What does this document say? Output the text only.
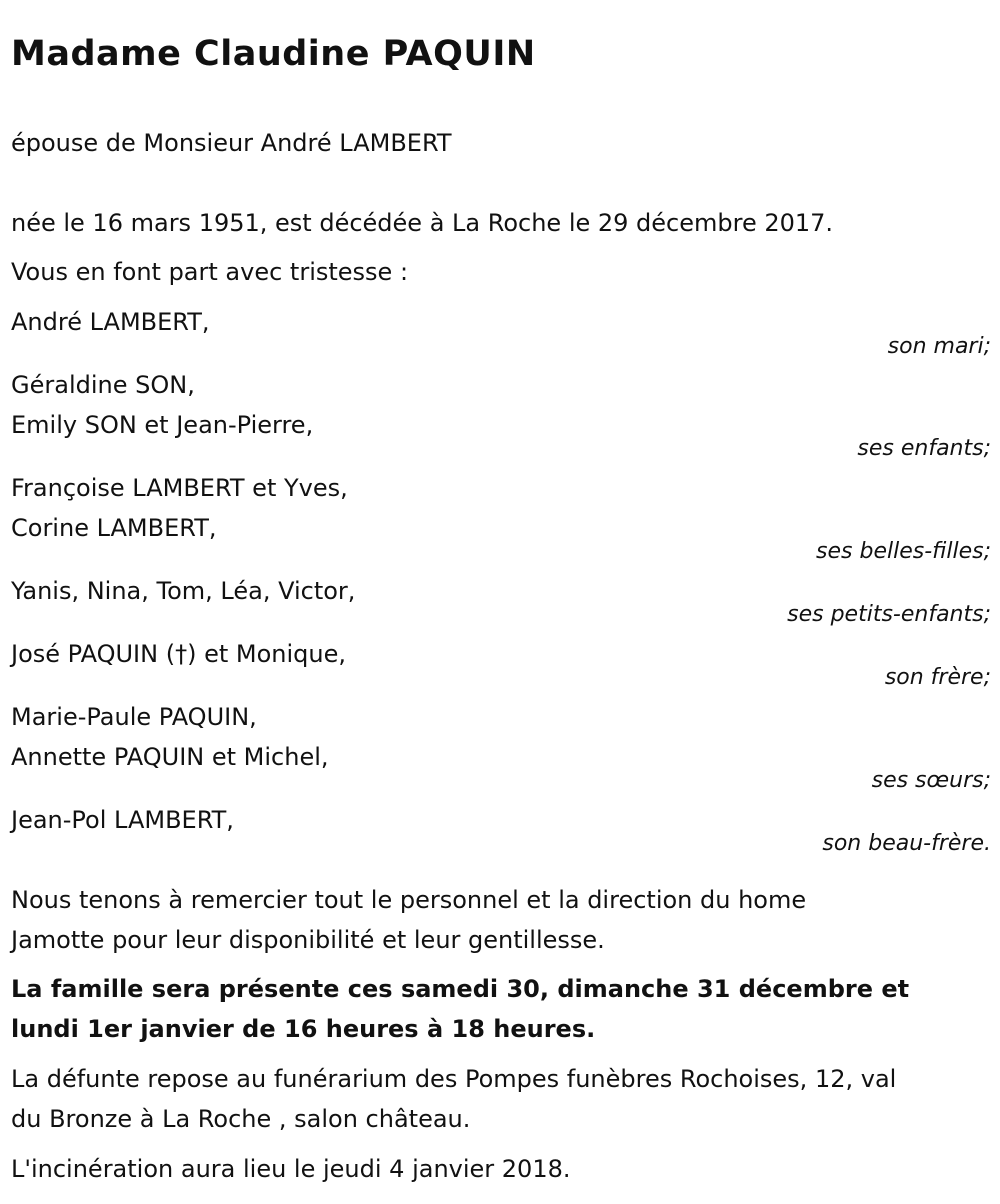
Madame Claudine PAQUIN
épouse de Monsieur André LAMBERT
née le 16 mars 1951, est décédée à La Roche le 29 décembre 2017.
Vous en font part avec tristesse :
André LAMBERT,
son mari;
Géraldine SON,
Emily SON et Jean-Pierre,
ses enfants;
Françoise LAMBERT et Yves,
Corine LAMBERT,
ses belles-filles;
Yanis, Nina, Tom, Léa, Victor,
ses petits-enfants;
José PAQUIN (†) et Monique,
son frère;
Marie-Paule PAQUIN,
Annette PAQUIN et Michel,
ses sœurs;
Jean-Pol LAMBERT,
son beau-frère.
Nous tenons à remercier tout le personnel et la direction du home
Jamotte pour leur disponibilité et leur gentillesse.
La famille sera présente ces samedi 30, dimanche 31 décembre et
lundi 1er janvier de 16 heures à 18 heures.
La défunte repose au funérarium des Pompes funèbres Rochoises, 12, val
du Bronze à La Roche , salon château.
L'incinération aura lieu le jeudi 4 janvier 2018.
